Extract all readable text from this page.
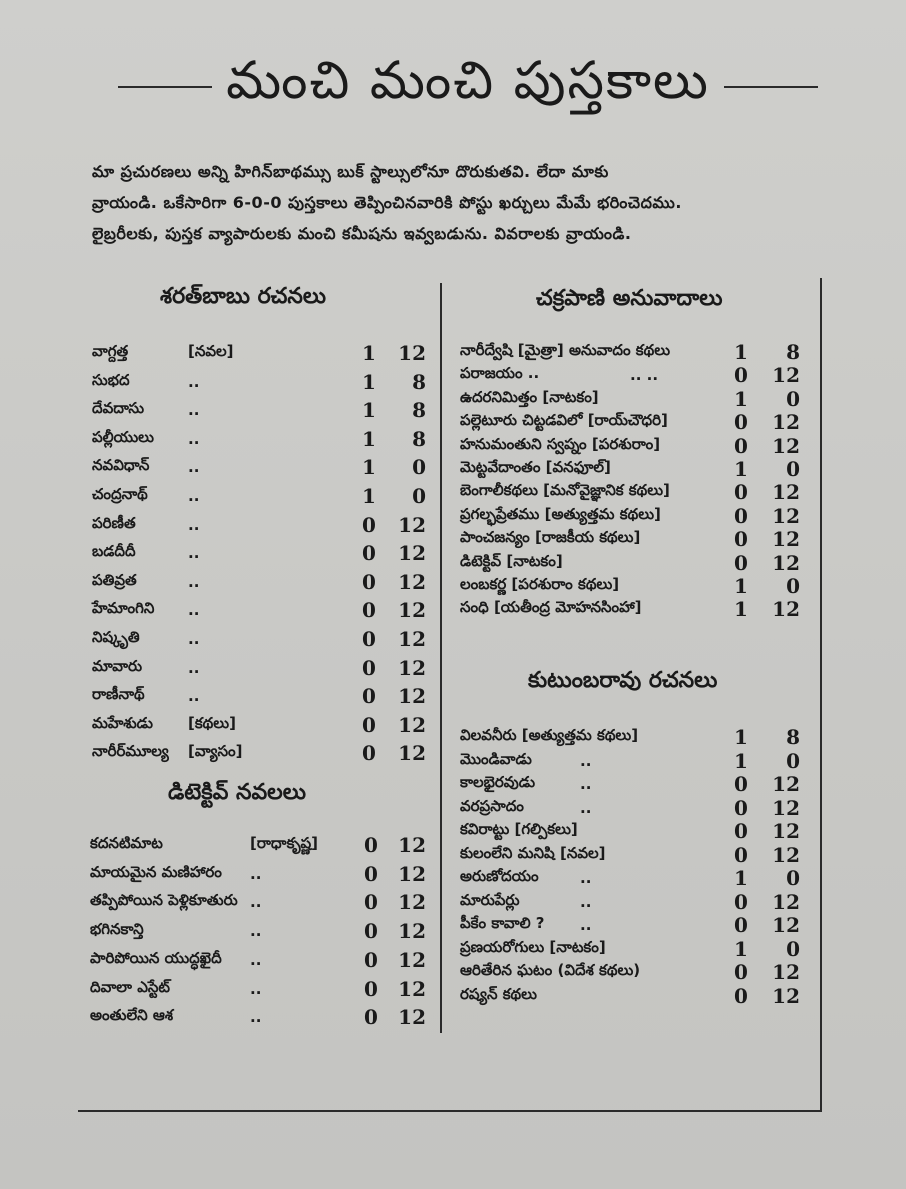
మంచి మంచి పుస్తకాలు

మా ప్రచురణలు అన్ని హిగిన్‌బాథమ్సు బుక్ స్టాల్సులోనూ దొరుకుతవి. లేదా మాకు

వ్రాయండి. ఒకేసారిగా 6-0-0 పుస్తకాలు తెప్పించినవారికి పోస్టు ఖర్చులు మేమే భరించెదము.

లైబ్రరీలకు, పుస్తక వ్యాపారులకు మంచి కమీషను ఇవ్వబడును. వివరాలకు వ్రాయండి.

శరత్‌బాబు రచనలు
డిటెక్టివ్ నవలలు
చక్రపాణి అనువాదాలు
కుటుంబరావు రచనలు
వాగ్దత్త	[నవల]	1 12
సుభద	..	1	8
దేవదాసు	..	1	8
పల్లీయులు ..	1	8
నవవిధాన్	..	1	0
చంద్రనాథ్	..	1	0
పరిణీత	..	0 12
బడదీదీ	..	0 12
పతివ్రత	..	0 12
హేమాంగిని ..	0 12
నిష్కృతి	..	0 12
మావారు	..	0 12
రాణీనాథ్	..	0 12
మహేశుడు [కథలు]	0 12
నారీర్‌మూల్య [వ్యాసం]	0 12
కదనటిమాట	[రాధాకృష్ణ] 0 12
మాయమైన మణిహారం ..	0 12
తప్పిపోయిన పెళ్లికూతురు ..	0 12
భగినకాన్తి	..	0 12
పారిపోయిన యుద్ధఖైదీ ..	0 12
దివాలా ఎస్టేట్	..	0 12
అంతులేని ఆశ	..	0 12
నారీద్వేషి [మైత్రా] అనువాదం కథలు	1	8
పరాజయం ..	.. ..	0 12
ఉదరనిమిత్తం [నాటకం]	1	0
పల్లెటూరు చిట్టడవిలో [రాయ్‌చౌధరి]	0 12
హనుమంతుని స్వప్నం [పరశురాం]	0 12
మెట్టవేదాంతం [వనఫూల్]	1	0
బెంగాలీకథలు [మనోవైజ్ఞానిక కథలు]	0 12
ప్రగల్భప్రేతము [అత్యుత్తమ కథలు]	0 12
పాంచజన్యం [రాజకీయ కథలు]	0 12
డిటెక్టివ్ [నాటకం]	0 12
లంబకర్ణ [పరశురాం కథలు]	1	0
సంధి [యతీంద్ర మోహనసింహా]	1 12
విలవనీరు [అత్యుత్తమ కథలు]	1	8
మొండివాడు	..	1	0
కాలభైరవుడు	..	0 12
వరప్రసాదం	..	0 12
కవిరాట్టు [గల్పికలు]	0 12
కులంలేని మనిషి [నవల]	0 12
అరుణోదయం	..	1	0
మారుపేర్లు	..	0 12
పీకేం కావాలి ? ..	0 12
ప్రణయరోగులు [నాటకం]	1	0
ఆరితేరిన ఘటం (విదేశ కథలు)	0 12
రష్యన్ కథలు	0 12
